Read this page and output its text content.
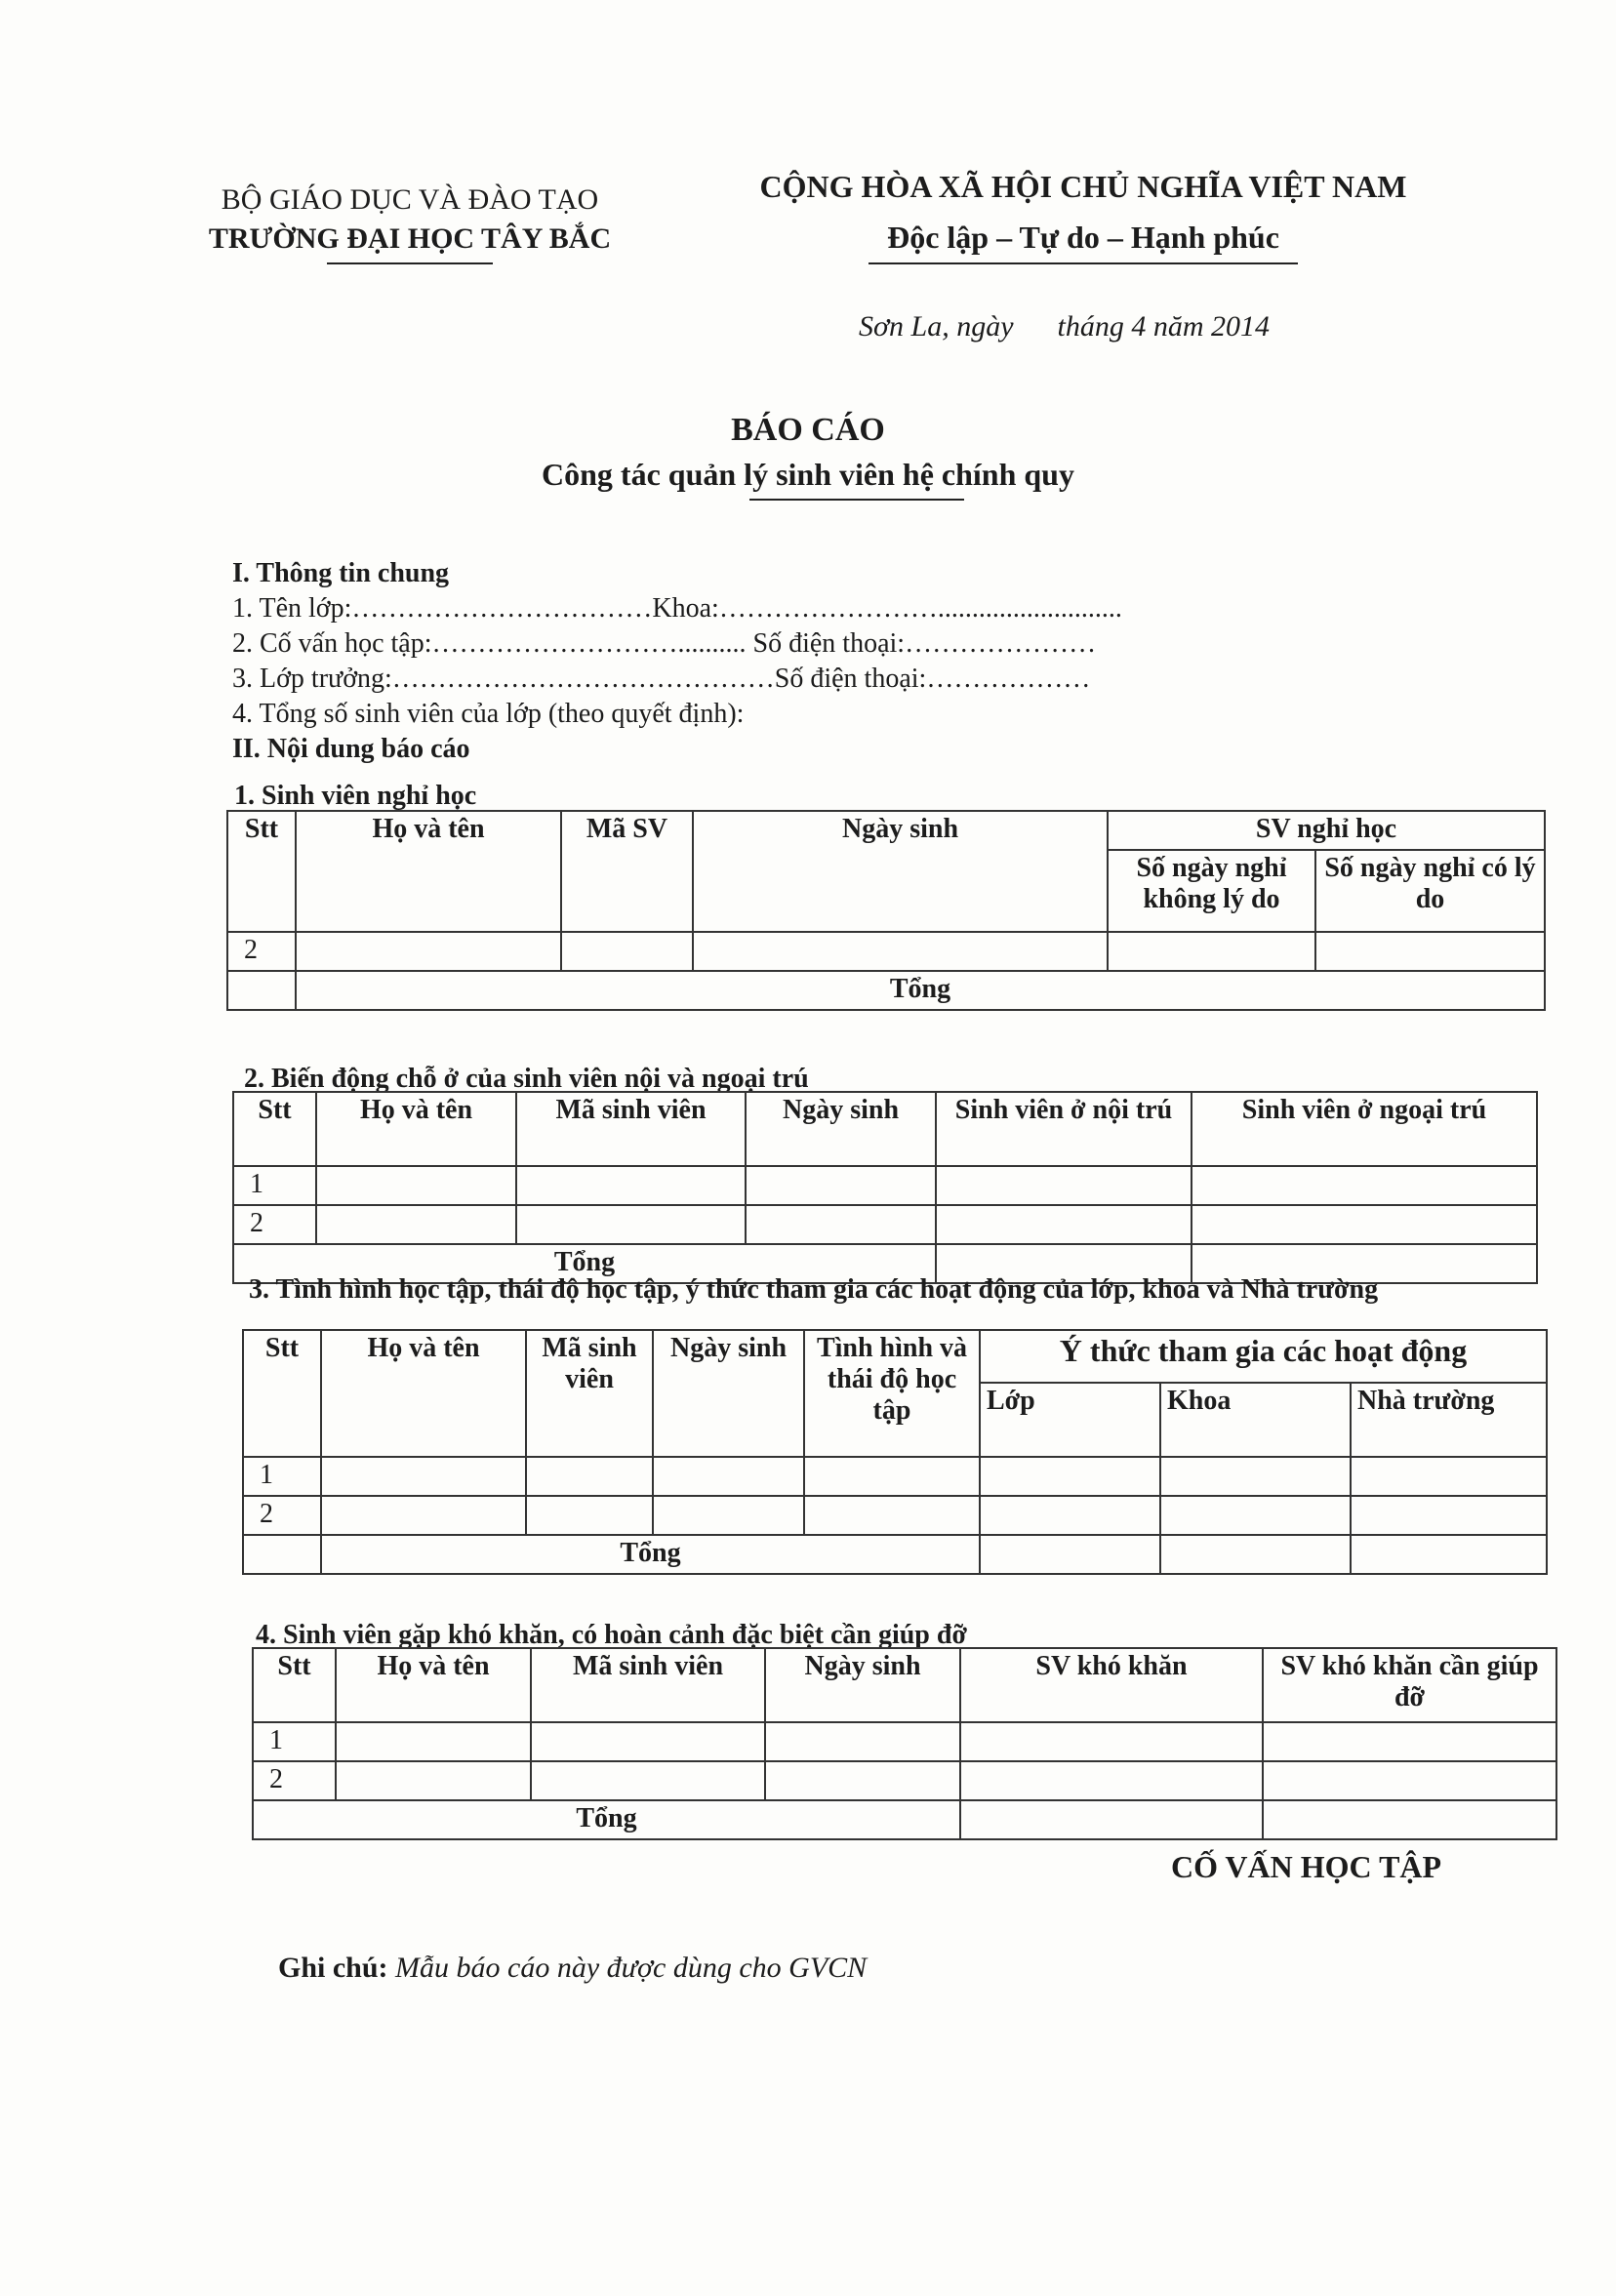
BỘ GIÁO DỤC VÀ ĐÀO TẠO
TRƯỜNG ĐẠI HỌC TÂY BẮC
CỘNG HÒA XÃ HỘI CHỦ NGHĨA VIỆT NAM
Độc lập – Tự do – Hạnh phúc
Sơn La, ngày      tháng 4 năm 2014
BÁO CÁO
Công tác quản lý sinh viên hệ chính quy
I. Thông tin chung
1. Tên lớp:……………………………Khoa:……………………...........................
2. Cố vấn học tập:……………………….......... Số điện thoại:…………………
3. Lớp trưởng:……………………………………Số điện thoại:………………
4. Tổng số sinh viên của lớp (theo quyết định):
II. Nội dung báo cáo
1. Sinh viên nghỉ học
Stt	Họ và tên	Mã SV	Ngày sinh	SV nghỉ học	
				Số ngày nghỉ không lý do	Số ngày nghỉ có lý do
2					
	Tổng				
2. Biến động chỗ ở của sinh viên nội và ngoại trú
Stt	Họ và tên	Mã sinh viên	Ngày sinh	Sinh viên ở nội trú	Sinh viên ở ngoại trú
1					
2					
Tổng					
3. Tình hình học tập, thái độ học tập, ý thức tham gia các hoạt động của lớp, khoa và Nhà trường
Stt	Họ và tên	Mã sinh viên	Ngày sinh	Tình hình và thái độ học tập	Ý thức tham gia các hoạt động		
					Lớp	Khoa	Nhà trường
1							
2							
	Tổng						
4. Sinh viên gặp khó khăn, có hoàn cảnh đặc biệt cần giúp đỡ
Stt	Họ và tên	Mã sinh viên	Ngày sinh	SV khó khăn	SV khó khăn cần giúp đỡ
1					
2					
Tổng					
CỐ VẤN HỌC TẬP
Ghi chú: Mẫu báo cáo này được dùng cho GVCN
